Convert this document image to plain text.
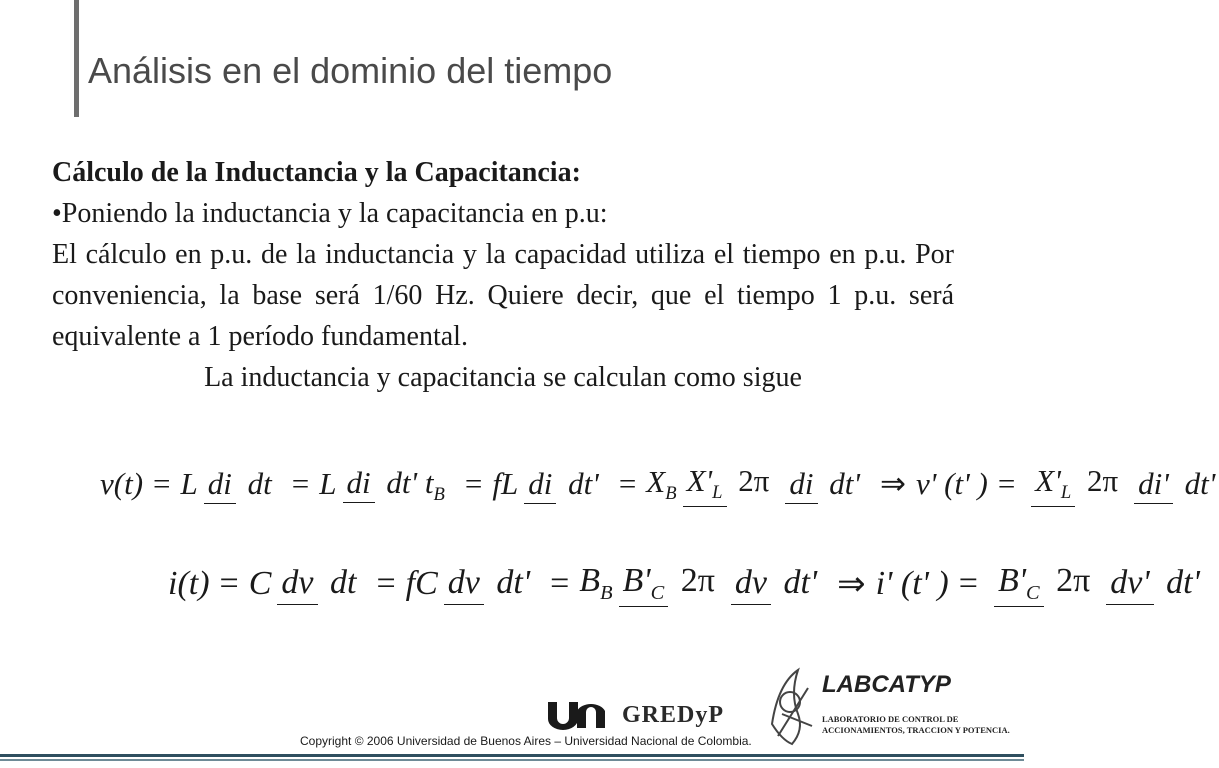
Análisis en el dominio del tiempo

Cálculo de la Inductancia y la Capacitancia:

•Poniendo la inductancia y la capacitancia en p.u:

El cálculo en p.u. de la inductancia y la capacidad utiliza el tiempo en p.u. Por conveniencia, la base será 1/60 Hz. Quiere decir, que el tiempo 1 p.u. será equivalente a 1 período fundamental.

La inductancia y capacitancia se calculan como sigue

v(t) = L di dt = L di dt' $t_B$ = fL di $dt' = X_B$ $X'_L$ 2π di dt' ⇒ v' (t' ) = $X'_L$ 2π di' dt'
i(t) = C dv dt = fC dv $dt' = B_B$ $B'_C$ 2π dv dt' ⇒ i' (t' ) = $B'_C$ 2π dv' dt'
GREDyP
LABCATYP
LABORATORIO DE CONTROL DE
ACCIONAMIENTOS, TRACCION Y POTENCIA.
Copyright © 2006 Universidad de Buenos Aires – Universidad Nacional de Colombia.
